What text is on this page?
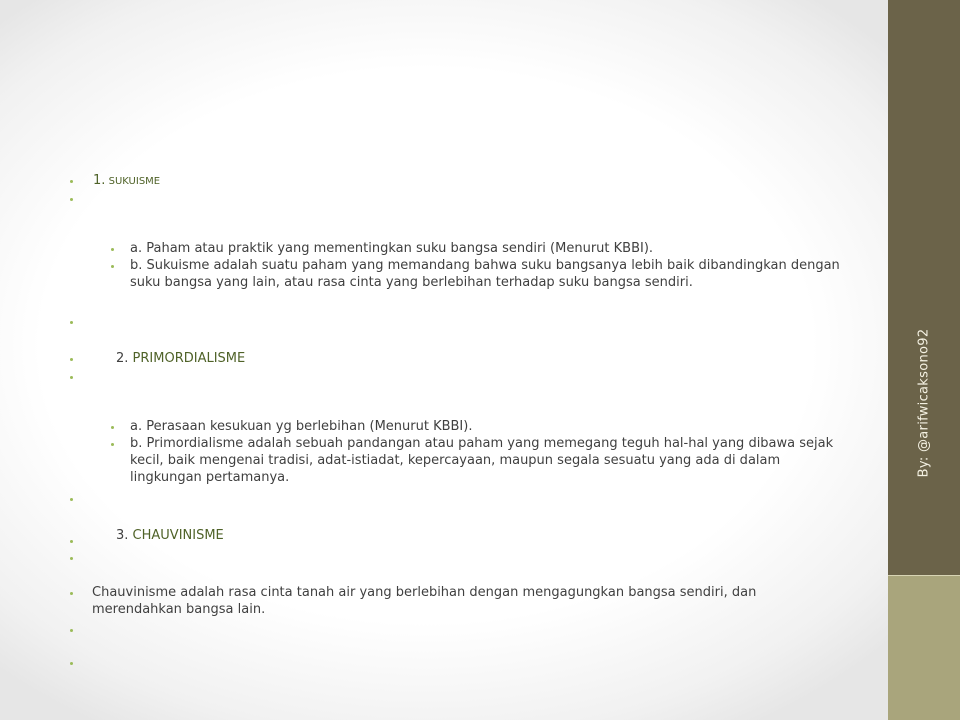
By: @arifwicaksono92
1. SUKUISME
a. Paham atau praktik yang mementingkan suku bangsa sendiri (Menurut KBBI).
b. Sukuisme adalah suatu paham yang memandang bahwa suku bangsanya lebih baik dibandingkan dengan suku bangsa yang lain, atau rasa cinta yang berlebihan terhadap suku bangsa sendiri.
2. PRIMORDIALISME
a. Perasaan kesukuan yg berlebihan (Menurut KBBI).
b. Primordialisme adalah sebuah pandangan atau paham yang memegang teguh hal-hal yang dibawa sejak kecil, baik mengenai tradisi, adat-istiadat, kepercayaan, maupun segala sesuatu yang ada di dalam lingkungan pertamanya.
3. CHAUVINISME
Chauvinisme adalah rasa cinta tanah air yang berlebihan dengan mengagungkan bangsa sendiri, dan merendahkan bangsa lain.
